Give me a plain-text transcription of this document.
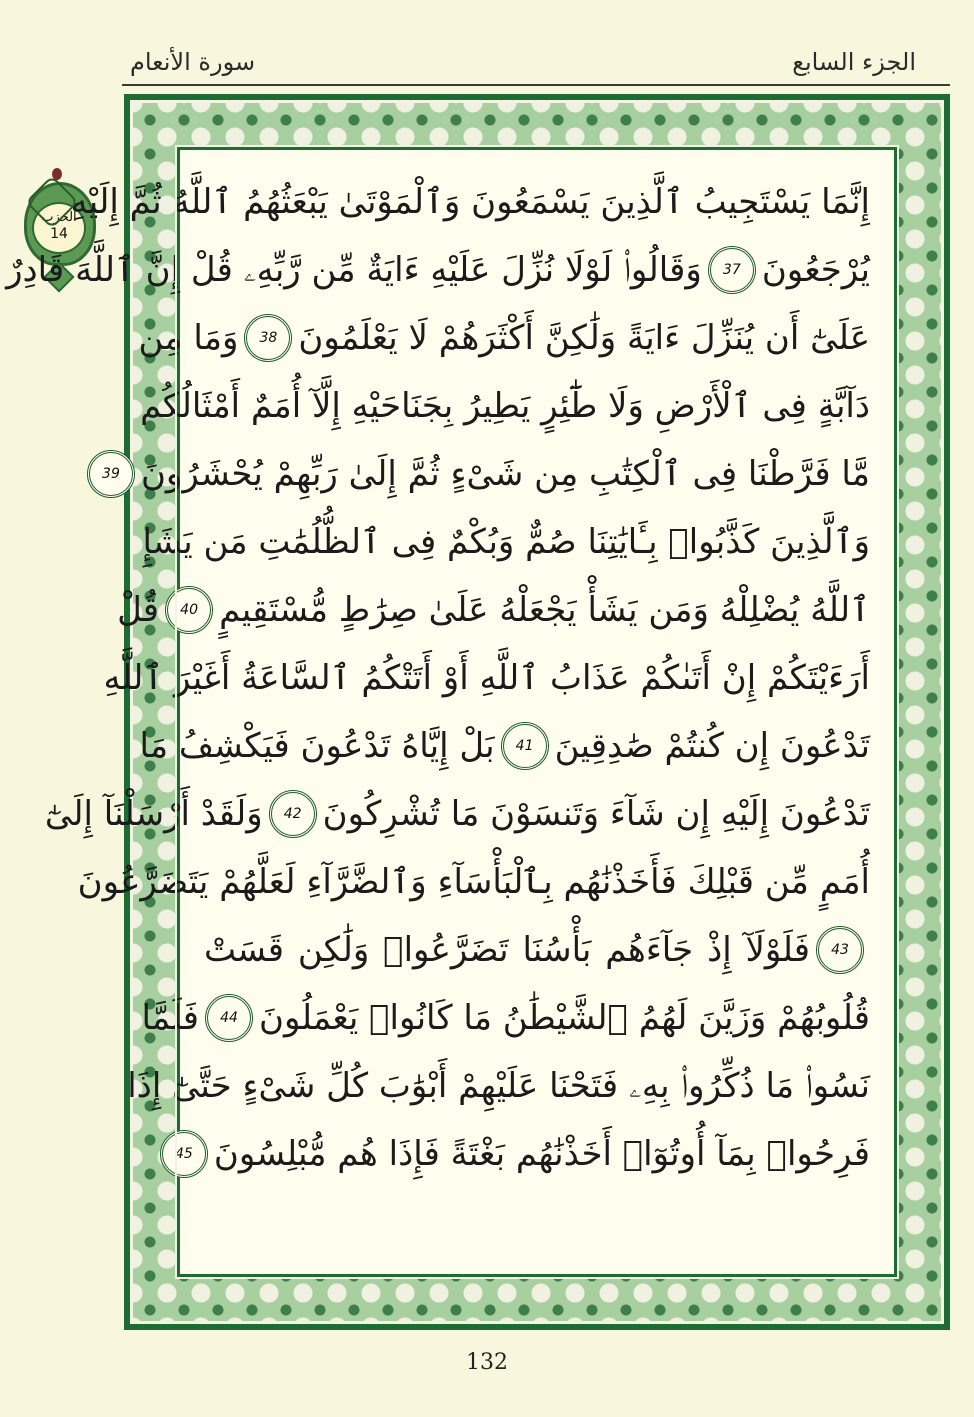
الجزء السابع
سورة الأنعام
الحزب
14
إِنَّمَا يَسْتَجِيبُ ٱلَّذِينَ يَسْمَعُونَ وَٱلْمَوْتَىٰ يَبْعَثُهُمُ ٱللَّهُ ثُمَّ إِلَيْهِ
يُرْجَعُونَ
37
وَقَالُوا۟ لَوْلَا نُزِّلَ عَلَيْهِ ءَايَةٌ مِّن رَّبِّهِۦ قُلْ إِنَّ ٱللَّهَ قَادِرٌ
عَلَىٰٓ أَن يُنَزِّلَ ءَايَةً وَلَٰكِنَّ أَكْثَرَهُمْ لَا يَعْلَمُونَ
38
وَمَا مِن
دَآبَّةٍ فِى ٱلْأَرْضِ وَلَا طَٰٓئِرٍ يَطِيرُ بِجَنَاحَيْهِ إِلَّآ أُمَمٌ أَمْثَالُكُم
مَّا فَرَّطْنَا فِى ٱلْكِتَٰبِ مِن شَىْءٍ ثُمَّ إِلَىٰ رَبِّهِمْ يُحْشَرُونَ
39
وَٱلَّذِينَ كَذَّبُوا۟ بِـَٔايَٰتِنَا صُمٌّ وَبُكْمٌ فِى ٱلظُّلُمَٰتِ مَن يَشَإِ
ٱللَّهُ يُضْلِلْهُ وَمَن يَشَأْ يَجْعَلْهُ عَلَىٰ صِرَٰطٍ مُّسْتَقِيمٍ
40
قُلْ
أَرَءَيْتَكُمْ إِنْ أَتَىٰكُمْ عَذَابُ ٱللَّهِ أَوْ أَتَتْكُمُ ٱلسَّاعَةُ أَغَيْرَ ٱللَّهِ
تَدْعُونَ إِن كُنتُمْ صَٰدِقِينَ
41
بَلْ إِيَّاهُ تَدْعُونَ فَيَكْشِفُ مَا
تَدْعُونَ إِلَيْهِ إِن شَآءَ وَتَنسَوْنَ مَا تُشْرِكُونَ
42
وَلَقَدْ أَرْسَلْنَآ إِلَىٰٓ
أُمَمٍ مِّن قَبْلِكَ فَأَخَذْنَٰهُم بِٱلْبَأْسَآءِ وَٱلضَّرَّآءِ لَعَلَّهُمْ يَتَضَرَّعُونَ
43
فَلَوْلَآ إِذْ جَآءَهُم بَأْسُنَا تَضَرَّعُوا۟ وَلَٰكِن قَسَتْ
قُلُوبُهُمْ وَزَيَّنَ لَهُمُ ٱلشَّيْطَٰنُ مَا كَانُوا۟ يَعْمَلُونَ
44
فَلَمَّا
نَسُوا۟ مَا ذُكِّرُوا۟ بِهِۦ فَتَحْنَا عَلَيْهِمْ أَبْوَٰبَ كُلِّ شَىْءٍ حَتَّىٰٓ إِذَا
فَرِحُوا۟ بِمَآ أُوتُوٓا۟ أَخَذْنَٰهُم بَغْتَةً فَإِذَا هُم مُّبْلِسُونَ
45
132
